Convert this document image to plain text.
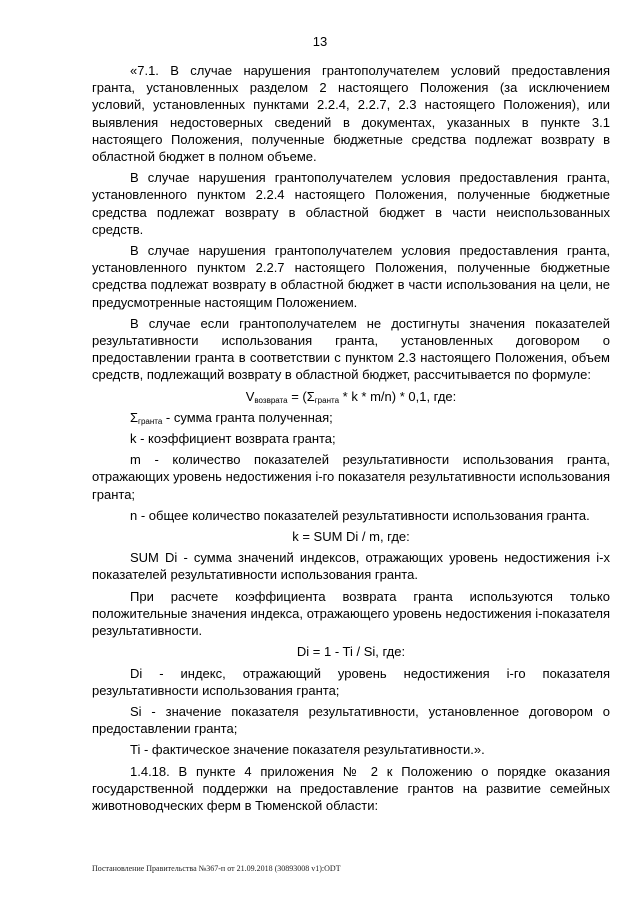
13

«7.1. В случае нарушения грантополучателем условий предоставления гранта, установленных разделом 2 настоящего Положения (за исключением условий, установленных пунктами 2.2.4, 2.2.7, 2.3 настоящего Положения), или выявления недостоверных сведений в документах, указанных в пункте 3.1 настоящего Положения, полученные бюджетные средства подлежат возврату в областной бюджет в полном объеме.

В случае нарушения грантополучателем условия предоставления гранта, установленного пунктом 2.2.4 настоящего Положения, полученные бюджетные средства подлежат возврату в областной бюджет в части неиспользованных средств.

В случае нарушения грантополучателем условия предоставления гранта, установленного пунктом 2.2.7 настоящего Положения, полученные бюджетные средства подлежат возврату в областной бюджет в части использования на цели, не предусмотренные настоящим Положением.

В случае если грантополучателем не достигнуты значения показателей результативности использования гранта, установленных договором о предоставлении гранта в соответствии с пунктом 2.3 настоящего Положения, объем средств, подлежащий возврату в областной бюджет, рассчитывается по формуле:

$V_{возврата} = (\Sigma_{гранта} * k * m/n) * 0,1$, где:

$\Sigma_{гранта}$ - сумма гранта полученная;

k - коэффициент возврата гранта;

m - количество показателей результативности использования гранта, отражающих уровень недостижения i-го показателя результативности использования гранта;

n - общее количество показателей результативности использования гранта.

k = SUM Di / m, где:

SUM Di - сумма значений индексов, отражающих уровень недостижения i-х показателей результативности использования гранта.

При расчете коэффициента возврата гранта используются только положительные значения индекса, отражающего уровень недостижения i-показателя результативности.

Di = 1 - Ti / Si, где:

Di - индекс, отражающий уровень недостижения i-го показателя результативности использования гранта;

Si - значение показателя результативности, установленное договором о предоставлении гранта;

Ti - фактическое значение показателя результативности.».

1.4.18. В пункте 4 приложения № 2 к Положению о порядке оказания государственной поддержки на предоставление грантов на развитие семейных животноводческих ферм в Тюменской области:

Постановление Правительства №367-п от 21.09.2018 (30893008 v1):ODT
